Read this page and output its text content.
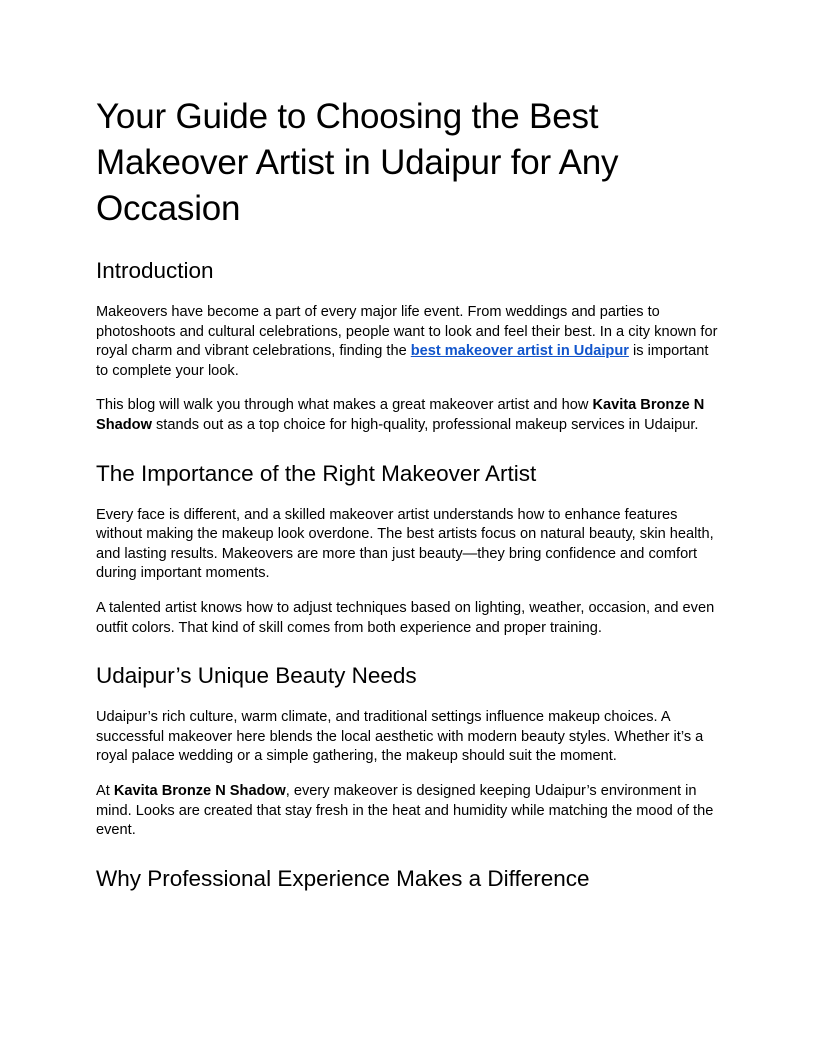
Your Guide to Choosing the Best Makeover Artist in Udaipur for Any Occasion
Introduction

Makeovers have become a part of every major life event. From weddings and parties to photoshoots and cultural celebrations, people want to look and feel their best. In a city known for royal charm and vibrant celebrations, finding the best makeover artist in Udaipur is important to complete your look.

This blog will walk you through what makes a great makeover artist and how Kavita Bronze N Shadow stands out as a top choice for high-quality, professional makeup services in Udaipur.

The Importance of the Right Makeover Artist

Every face is different, and a skilled makeover artist understands how to enhance features without making the makeup look overdone. The best artists focus on natural beauty, skin health, and lasting results. Makeovers are more than just beauty—they bring confidence and comfort during important moments.

A talented artist knows how to adjust techniques based on lighting, weather, occasion, and even outfit colors. That kind of skill comes from both experience and proper training.

Udaipur’s Unique Beauty Needs

Udaipur’s rich culture, warm climate, and traditional settings influence makeup choices. A successful makeover here blends the local aesthetic with modern beauty styles. Whether it’s a royal palace wedding or a simple gathering, the makeup should suit the moment.

At Kavita Bronze N Shadow, every makeover is designed keeping Udaipur’s environment in mind. Looks are created that stay fresh in the heat and humidity while matching the mood of the event.

Why Professional Experience Makes a Difference
